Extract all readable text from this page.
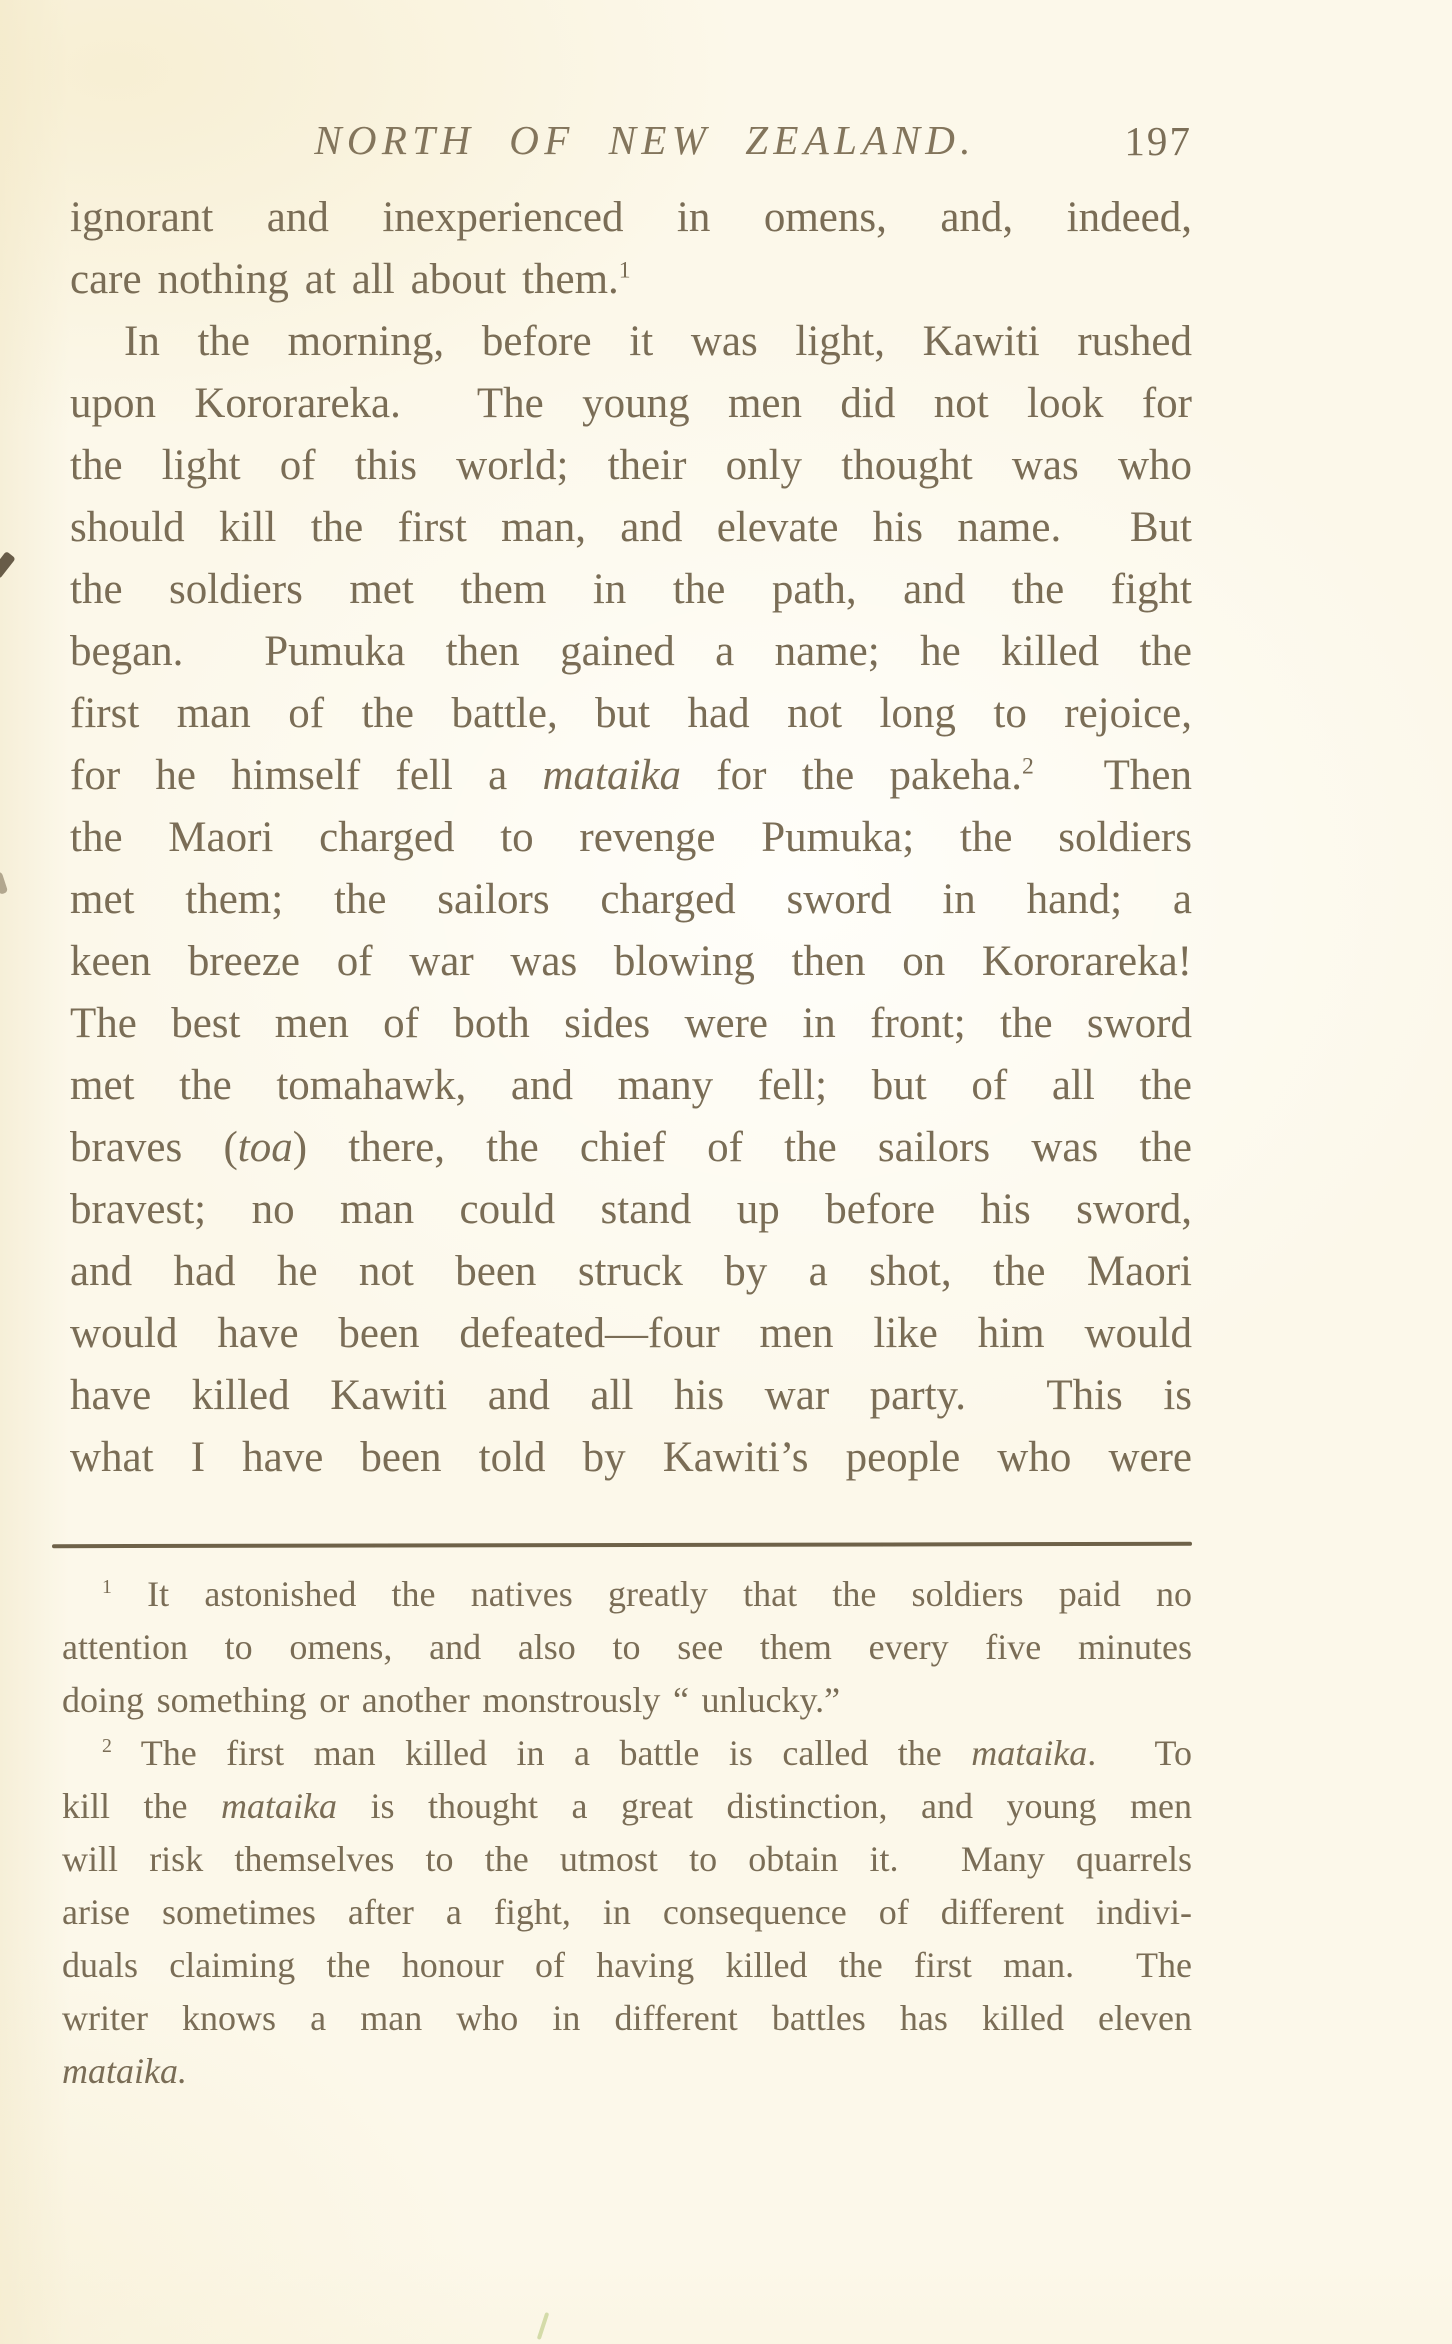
NORTH OF NEW ZEALAND.	197
ignorant and inexperienced in omens, and, indeed,
care nothing at all about them.$^1$
In the morning, before it was light, Kawiti rushed
upon Kororareka.  The young men did not look for
the light of this world; their only thought was who
should kill the first man, and elevate his name.  But
the soldiers met them in the path, and the fight
began.  Pumuka then gained a name; he killed the
first man of the battle, but had not long to rejoice,
for he himself fell a mataika for the pakeha.$^2$  Then
the Maori charged to revenge Pumuka; the soldiers
met them; the sailors charged sword in hand; a
keen breeze of war was blowing then on Kororareka!
The best men of both sides were in front; the sword
met the tomahawk, and many fell; but of all the
braves (toa) there, the chief of the sailors was the
bravest; no man could stand up before his sword,
and had he not been struck by a shot, the Maori
would have been defeated—four men like him would
have killed Kawiti and all his war party.  This is
what I have been told by Kawiti’s people who were
$^1$ It astonished the natives greatly that the soldiers paid no
attention to omens, and also to see them every five minutes
doing something or another monstrously “ unlucky.”
$^2$ The first man killed in a battle is called the mataika.  To
kill the mataika is thought a great distinction, and young men
will risk themselves to the utmost to obtain it.  Many quarrels
arise sometimes after a fight, in consequence of different indivi-
duals claiming the honour of having killed the first man.  The
writer knows a man who in different battles has killed eleven
mataika.
